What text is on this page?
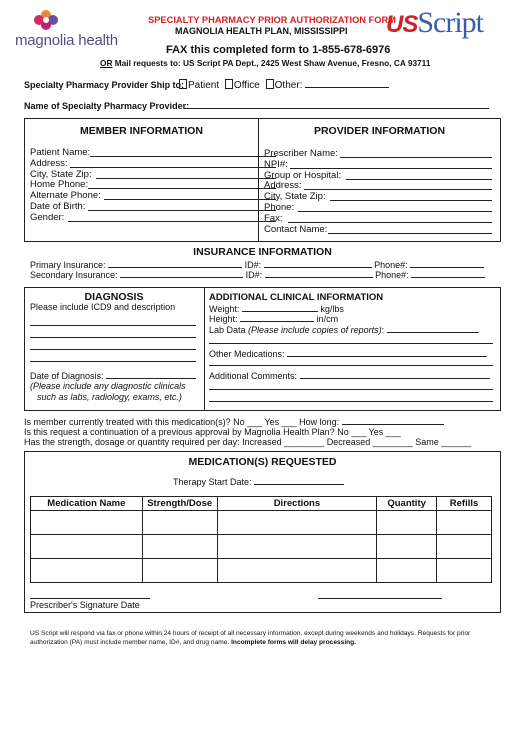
magnolia health
SPECIALTY PHARMACY PRIOR AUTHORIZATION FORM
MAGNOLIA HEALTH PLAN, MISSISSIPPI USScript
FAX this completed form to 1-855-678-6976
OR Mail requests to: US Script PA Dept., 2425 West Shaw Avenue, Fresno, CA 93711
Specialty Pharmacy Provider Ship to: Patient Office Other:
Name of Specialty Pharmacy Provider:
MEMBER INFORMATION	PROVIDER INFORMATION
Patient Name:
Address:
City, State Zip:
Home Phone:
Alternate Phone:
Date of Birth:
Gender:
Prescriber Name:
NPI#:
Group or Hospital:
Address:
City, State Zip:
Phone:
Fax:
Contact Name:
INSURANCE INFORMATION
Primary Insurance:	ID#:	Phone#:
Secondary Insurance:	ID#:	Phone#:
DIAGNOSIS
Please include ICD9 and description
Date of Diagnosis:
(Please include any diagnostic clinicals
such as labs, radiology, exams, etc.)
ADDITIONAL CLINICAL INFORMATION
Weight:	kg/lbs
Height:	in/cm
Lab Data (Please include copies of reports):
Other Medications:
Additional Comments:
Is member currently treated with this medication(s)? No ___ Yes ___ How long:
Is this request a continuation of a previous approval by Magnolia Health Plan? No ___ Yes ___
Has the strength, dosage or quantity required per day: Increased ________ Decreased ________ Same ______
MEDICATION(S) REQUESTED
Therapy Start Date:
Medication Name	Strength/Dose	Directions	Quantity	Refills

Prescriber's Signature Date
US Script will respond via fax or phone within 24 hours of receipt of all necessary information, except during weekends and holidays. Requests for prior authorization (PA) must include member name, ID#, and drug name. Incomplete forms will delay processing.
